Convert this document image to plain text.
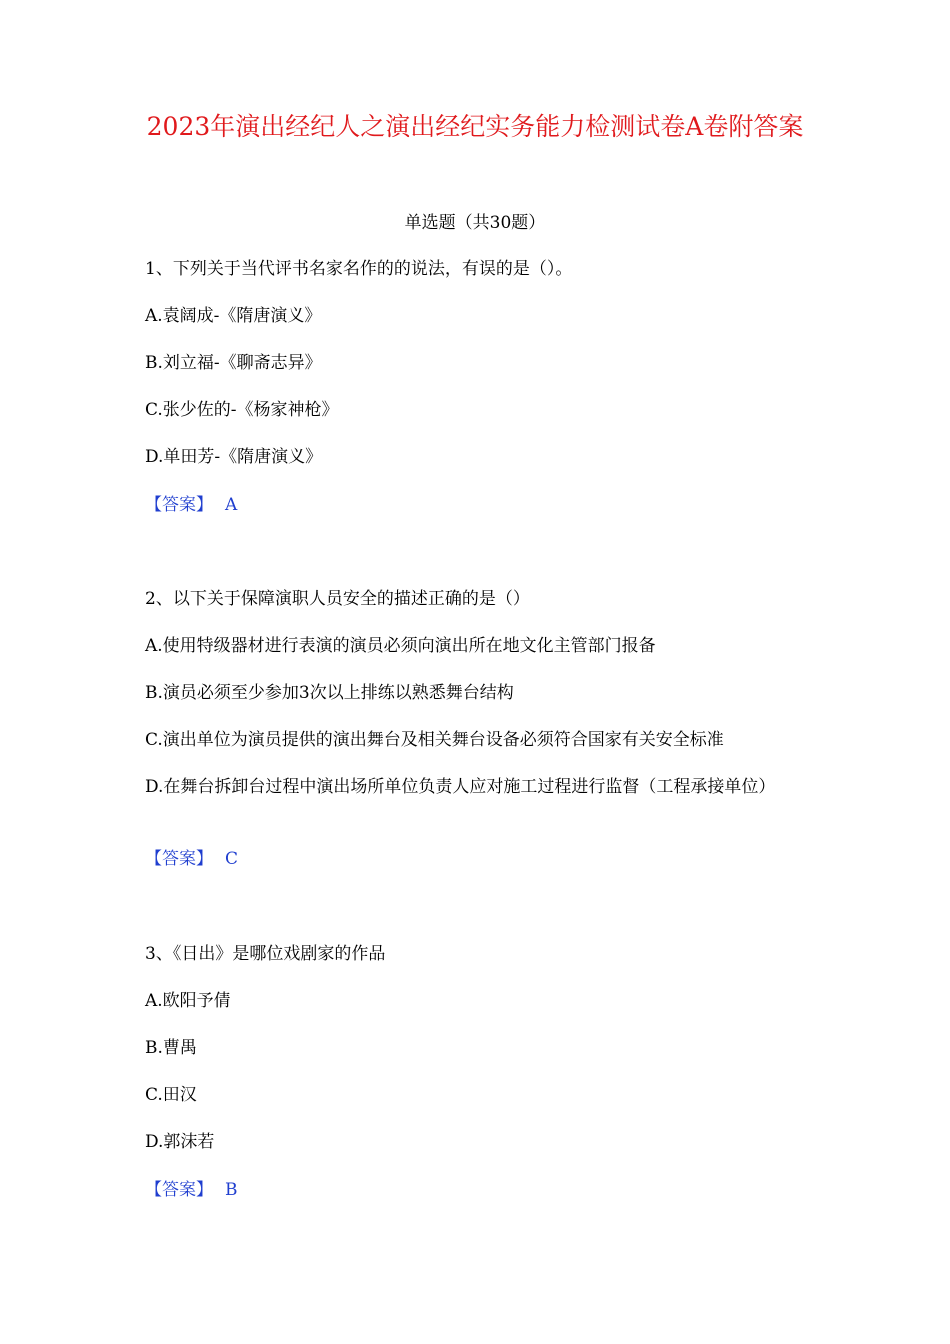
2023年演出经纪人之演出经纪实务能力检测试卷A卷附答案
单选题（共30题）

1、下列关于当代评书名家名作的的说法，有误的是（）。

A.袁阔成-《隋唐演义》

B.刘立福-《聊斋志异》

C.张少佐的-《杨家神枪》

D.单田芳-《隋唐演义》

【答案】 A

2、以下关于保障演职人员安全的描述正确的是（）

A.使用特级器材进行表演的演员必须向演出所在地文化主管部门报备

B.演员必须至少参加3次以上排练以熟悉舞台结构

C.演出单位为演员提供的演出舞台及相关舞台设备必须符合国家有关安全标准

D.在舞台拆卸台过程中演出场所单位负责人应对施工过程进行监督（工程承接单位）

【答案】 C

3、《日出》是哪位戏剧家的作品

A.欧阳予倩

B.曹禺

C.田汉

D.郭沫若

【答案】 B
